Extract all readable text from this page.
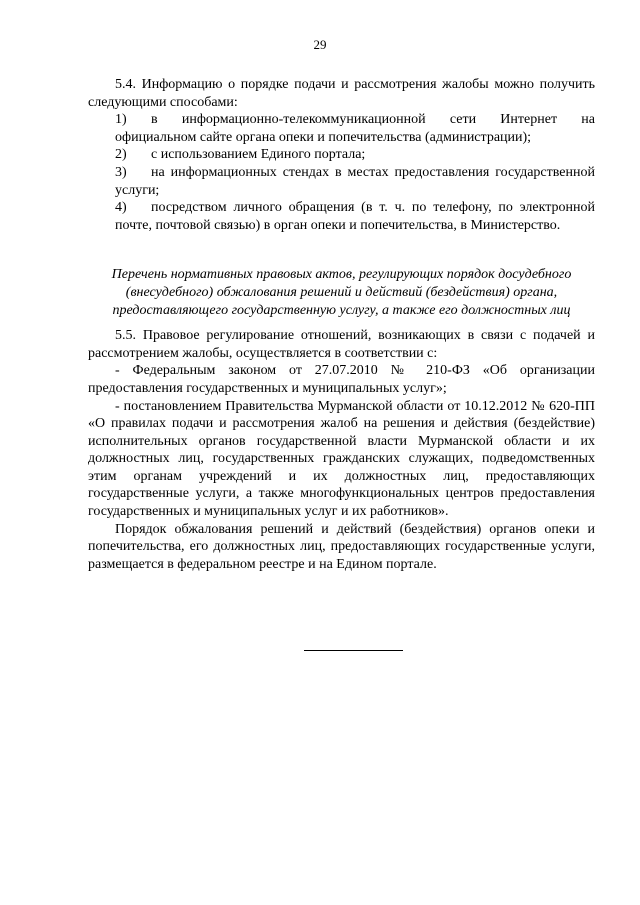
29

5.4. Информацию о порядке подачи и рассмотрения жалобы можно получить следующими способами:

1) в информационно-телекоммуникационной сети Интернет на официальном сайте органа опеки и попечительства (администрации);

2) с использованием Единого портала;

3) на информационных стендах в местах предоставления государственной услуги;

4) посредством личного обращения (в т. ч. по телефону, по электронной почте, почтовой связью) в орган опеки и попечительства, в Министерство.

Перечень нормативных правовых актов, регулирующих порядок досудебного (внесудебного) обжалования решений и действий (бездействия) органа, предоставляющего государственную услугу, а также его должностных лиц

5.5. Правовое регулирование отношений, возникающих в связи с подачей и рассмотрением жалобы, осуществляется в соответствии с:

- Федеральным законом от 27.07.2010 № 210-ФЗ «Об организации предоставления государственных и муниципальных услуг»;

- постановлением Правительства Мурманской области от 10.12.2012 № 620-ПП «О правилах подачи и рассмотрения жалоб на решения и действия (бездействие) исполнительных органов государственной власти Мурманской области и их должностных лиц, государственных гражданских служащих, подведомственных этим органам учреждений и их должностных лиц, предоставляющих государственные услуги, а также многофункциональных центров предоставления государственных и муниципальных услуг и их работников».

Порядок обжалования решений и действий (бездействия) органов опеки и попечительства, его должностных лиц, предоставляющих государственные услуги, размещается в федеральном реестре и на Едином портале.
